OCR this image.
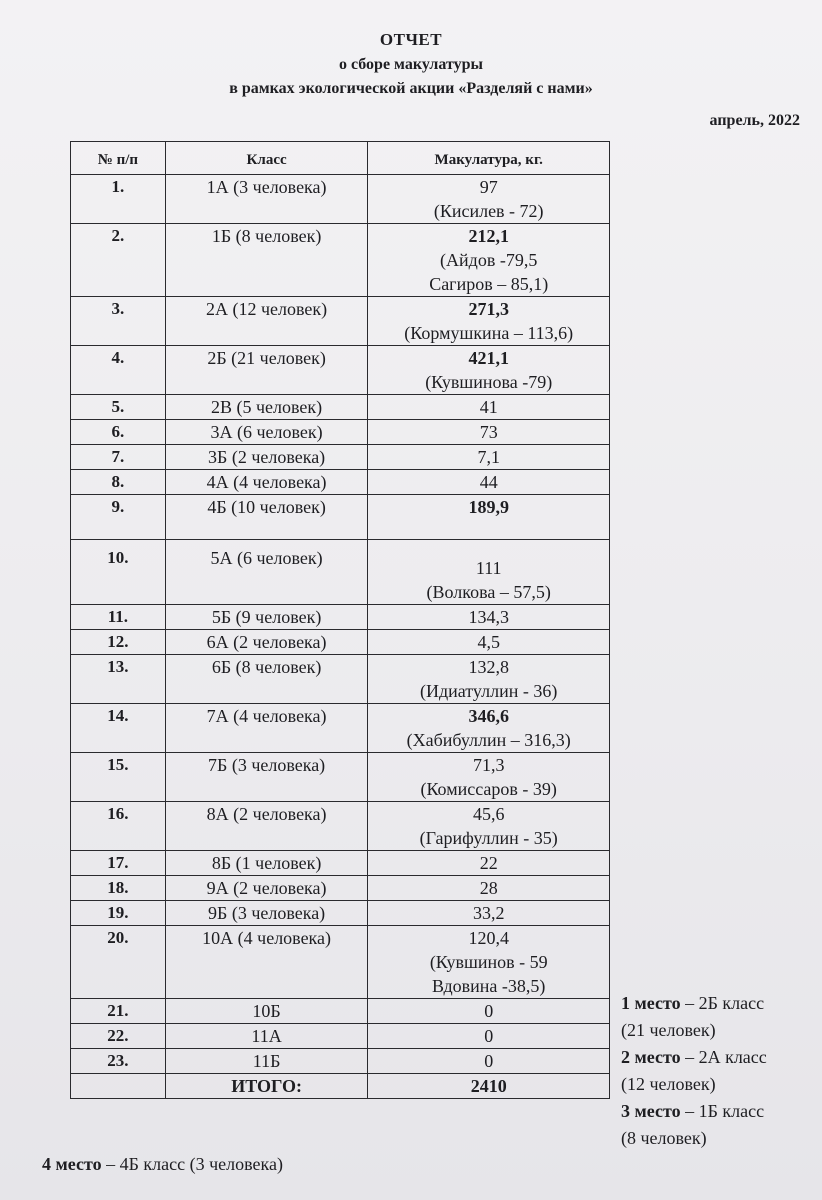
ОТЧЕТ
о сборе макулатуры
в рамках экологической акции «Разделяй с нами»
апрель, 2022
№ п/п	Класс	Макулатура, кг.
1.	1А (3 человека)	97
(Кисилев - 72)

2.	1Б (8 человек)	212,1
(Айдов -79,5
Сагиров – 85,1)

3.	2А (12 человек)	271,3
(Кормушкина – 113,6)

4.	2Б (21 человек)	421,1
(Кувшинова -79)

5.	2В (5 человек)	41

6.	3А (6 человек)	73

7.	3Б (2 человека)	7,1

8.	4А (4 человека)	44

9.	4Б (10 человек)	189,9

10.	5А (6 человек)	111
(Волкова – 57,5)

11.	5Б (9 человек)	134,3

12.	6А (2 человека)	4,5

13.	6Б (8 человек)	132,8
(Идиатуллин - 36)

14.	7А (4 человека)	346,6
(Хабибуллин – 316,3)

15.	7Б (3 человека)	71,3
(Комиссаров - 39)

16.	8А (2 человека)	45,6
(Гарифуллин - 35)

17.	8Б (1 человек)	22

18.	9А (2 человека)	28

19.	9Б (3 человека)	33,2

20.	10А (4 человека)	120,4
(Кувшинов - 59
Вдовина -38,5)

21.	10Б	0

22.	11А	0

23.	11Б	0

	ИТОГО:	2410
1 место – 2Б класс
(21 человек)
2 место – 2А класс
(12 человек)
3 место – 1Б класс
(8 человек)
4 место – 4Б класс (3 человека)
